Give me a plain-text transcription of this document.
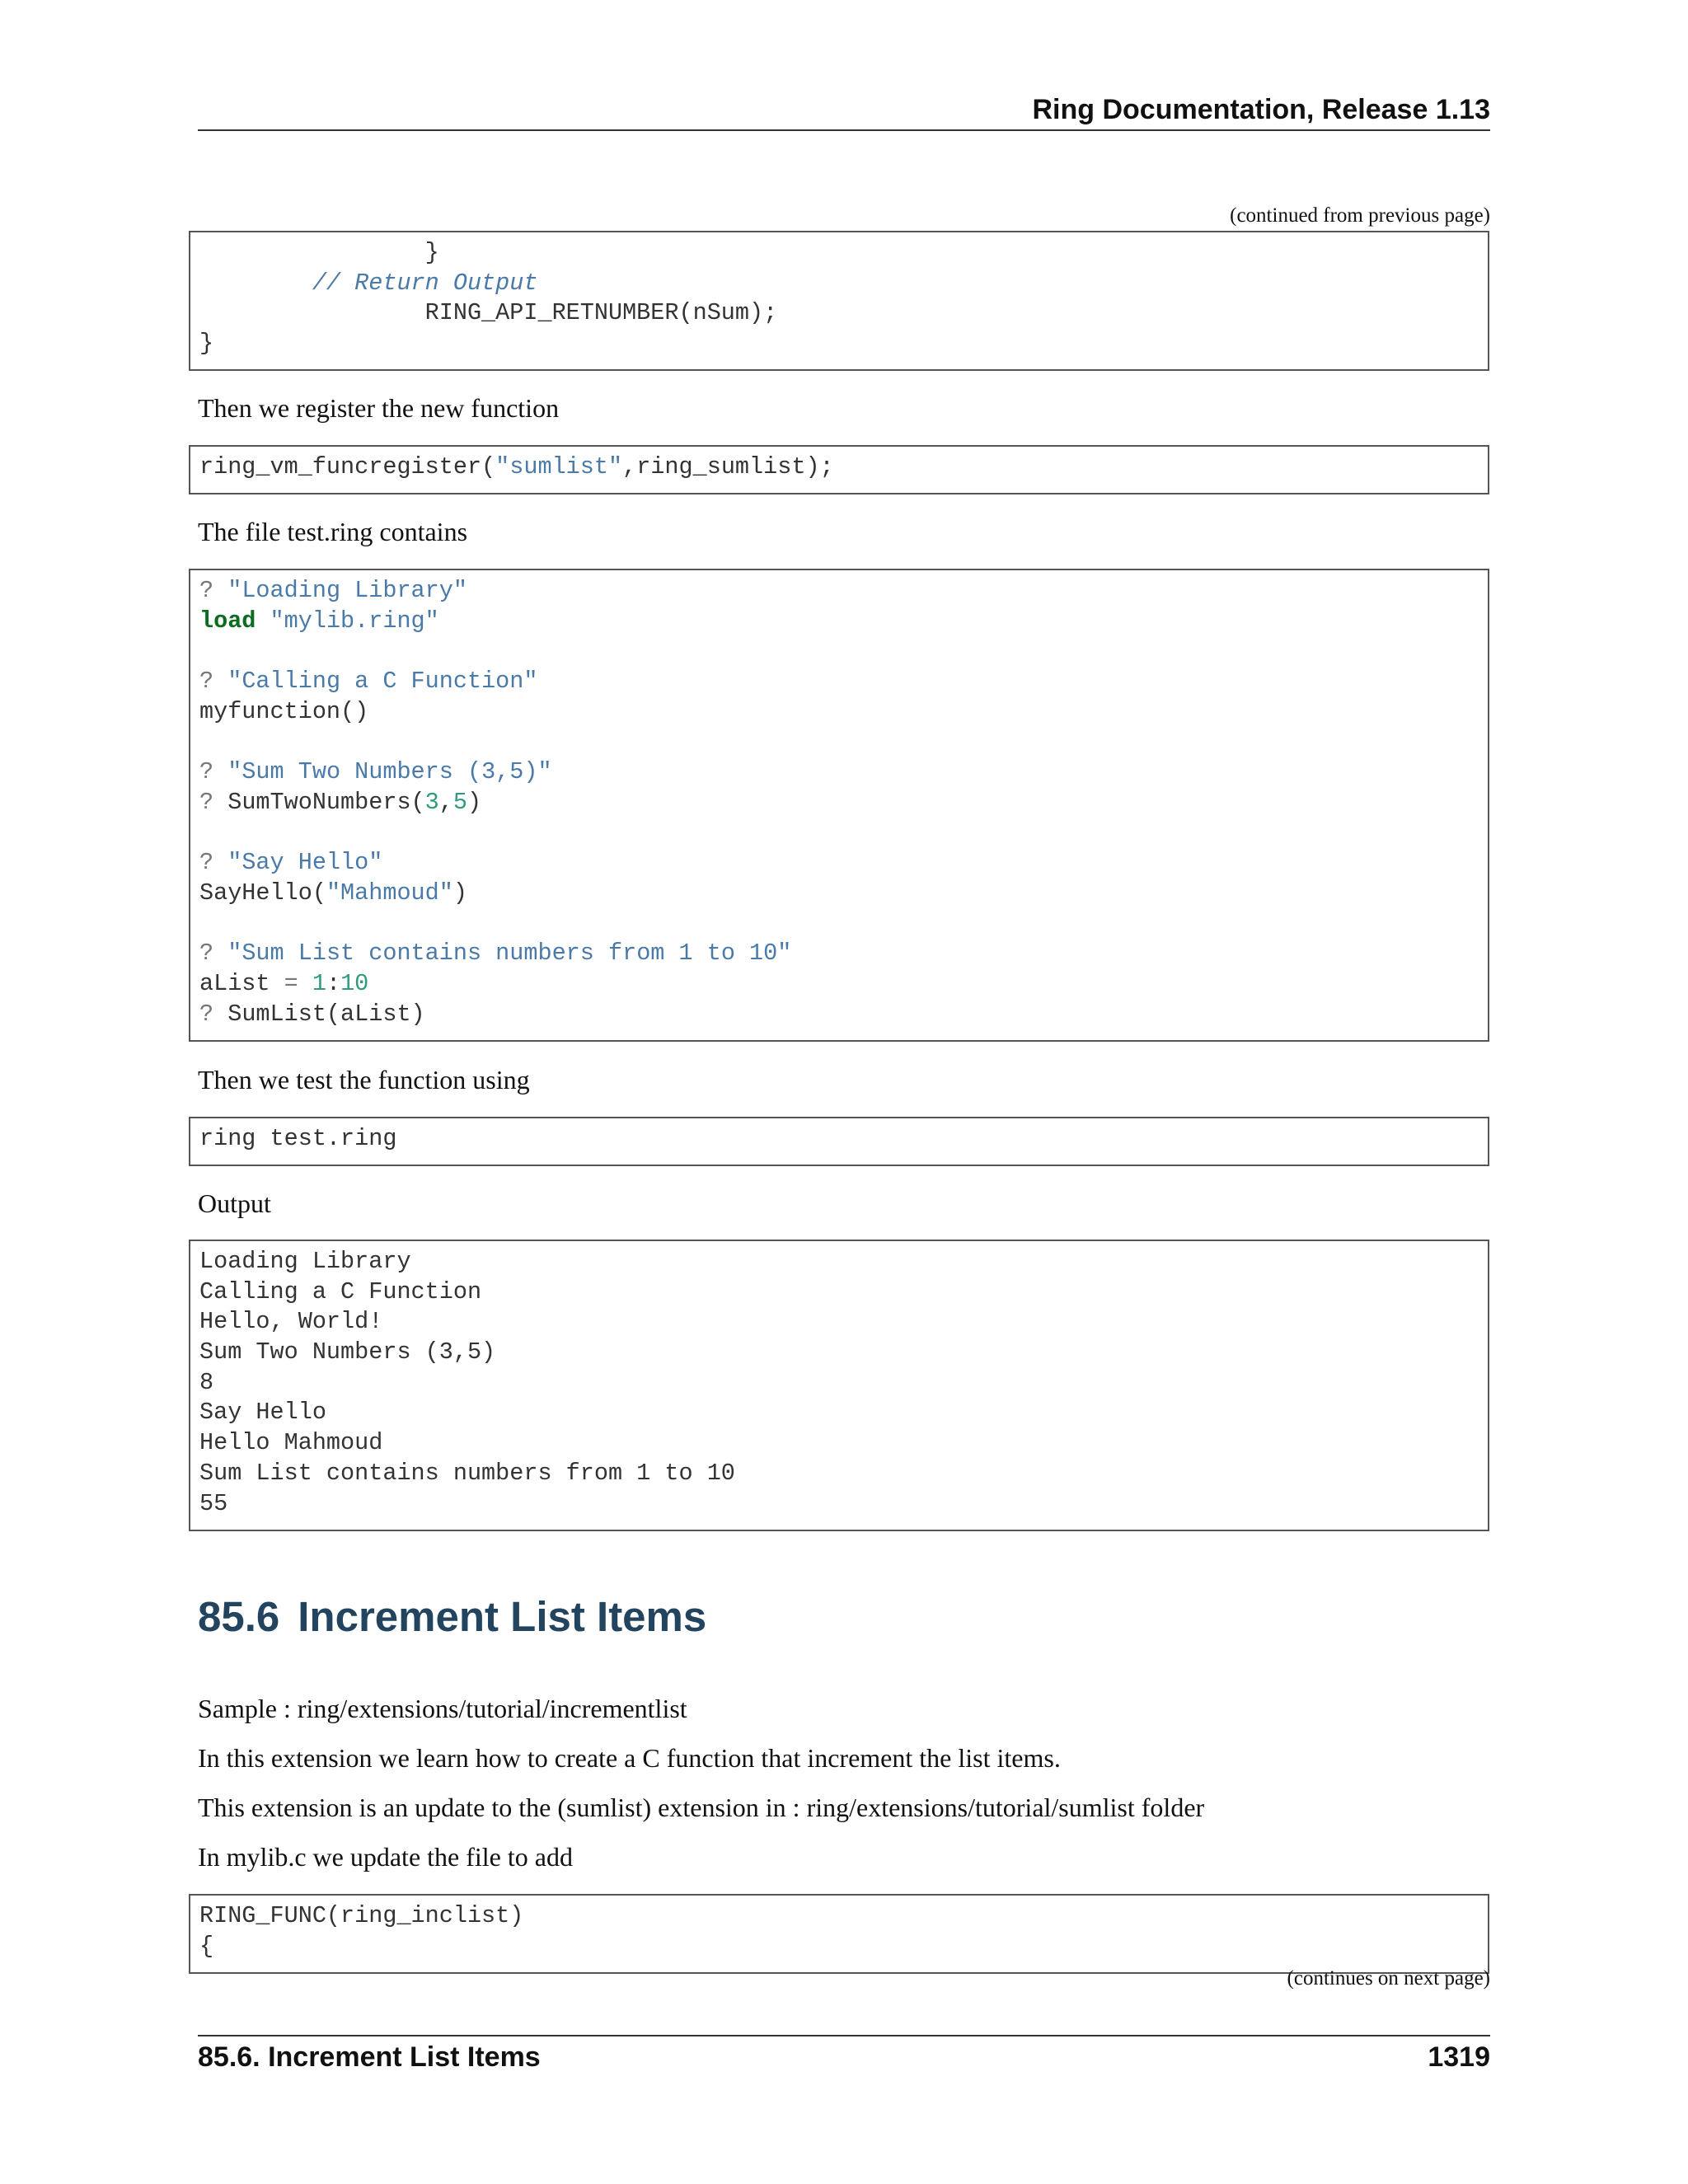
Ring Documentation, Release 1.13
(continued from previous page)
}
// Return Output
RING_API_RETNUMBER(nSum);
}
Then we register the new function
ring_vm_funcregister("sumlist",ring_sumlist);
The file test.ring contains
? "Loading Library"
load "mylib.ring"
? "Calling a C Function"
myfunction()
? "Sum Two Numbers (3,5)"
? SumTwoNumbers(3,5)
? "Say Hello"
SayHello("Mahmoud")
? "Sum List contains numbers from 1 to 10"
aList = 1:10
? SumList(aList)
Then we test the function using
ring test.ring
Output
Loading Library
Calling a C Function
Hello, World!
Sum Two Numbers (3,5)
8
Say Hello
Hello Mahmoud
Sum List contains numbers from 1 to 10
55
85.6 Increment List Items
Sample : ring/extensions/tutorial/incrementlist
In this extension we learn how to create a C function that increment the list items.
This extension is an update to the (sumlist) extension in : ring/extensions/tutorial/sumlist folder
In mylib.c we update the file to add
RING_FUNC(ring_inclist)
{
(continues on next page)
85.6. Increment List Items	1319
